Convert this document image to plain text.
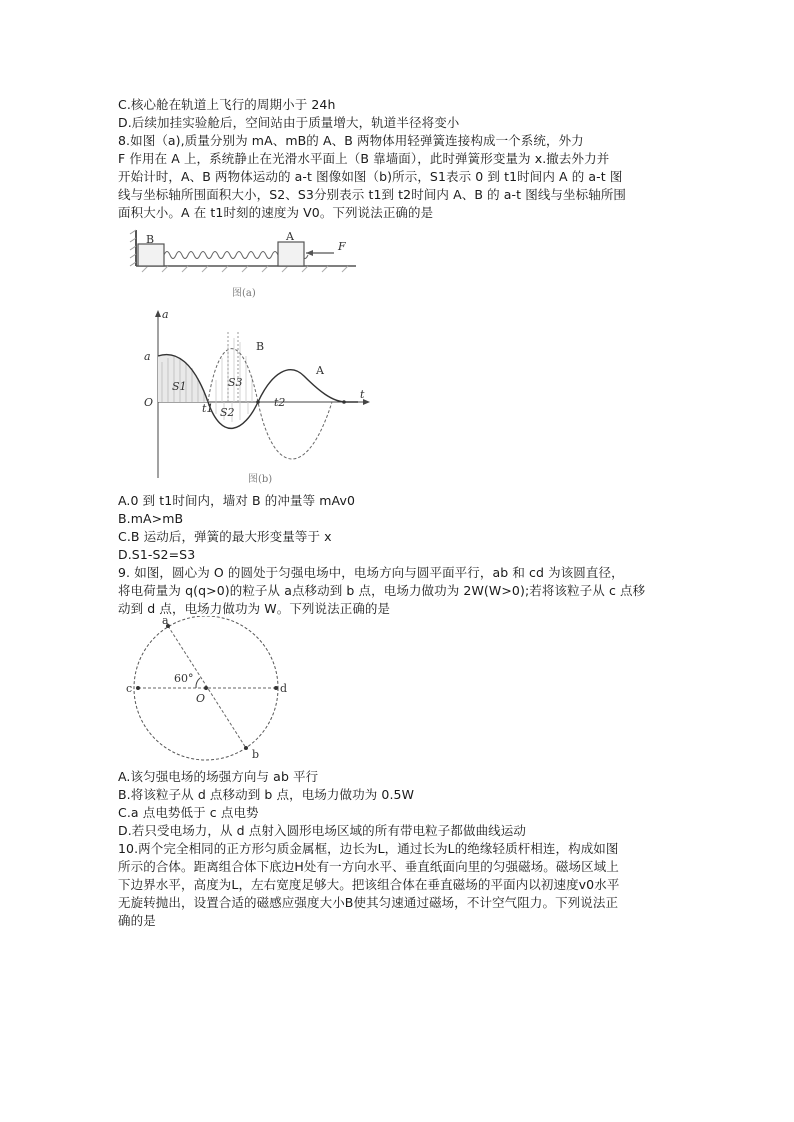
C.核心舱在轨道上飞行的周期小于 24h
D.后续加挂实验舱后，空间站由于质量增大，轨道半径将变小
8.如图（a),质量分别为 mA、mB的 A、B 两物体用轻弹簧连接构成一个系统，外力
F 作用在 A 上，系统静止在光滑水平面上（B 靠墙面），此时弹簧形变量为 x.撤去外力并
开始计时，A、B 两物体运动的 a-t 图像如图（b)所示，S1表示 0 到 t1时间内 A 的 a-t 图
线与坐标轴所围面积大小，S2、S3分别表示 t1到 t2时间内 A、B 的 a-t 图线与坐标轴所围
面积大小。A 在 t1时刻的速度为 V0。下列说法正确的是
B	A
F
图(a)
a
t
O
a
S1	S3
S2
B
A
t1	t2
图(b)
A.0 到 t1时间内，墙对 B 的冲量等 mAv0
B.mA>mB
C.B 运动后，弹簧的最大形变量等于 x
D.S1-S2=S3
9. 如图，圆心为 O 的圆处于匀强电场中，电场方向与圆平面平行，ab 和 cd 为该圆直径，
将电荷量为 q(q>0)的粒子从 a点移动到 b 点，电场力做功为 2W(W>0);若将该粒子从 c 点移
动到 d 点，电场力做功为 W。下列说法正确的是
a
b
c	d
O
60°
A.该匀强电场的场强方向与 ab 平行
B.将该粒子从 d 点移动到 b 点，电场力做功为 0.5W
C.a 点电势低于 c 点电势
D.若只受电场力，从 d 点射入圆形电场区域的所有带电粒子都做曲线运动
10.两个完全相同的正方形匀质金属框，边长为L，通过长为L的绝缘轻质杆相连，构成如图
所示的合体。距离组合体下底边H处有一方向水平、垂直纸面向里的匀强磁场。磁场区域上
下边界水平，高度为L，左右宽度足够大。把该组合体在垂直磁场的平面内以初速度v0水平
无旋转抛出，设置合适的磁感应强度大小B使其匀速通过磁场，不计空气阻力。下列说法正
确的是
